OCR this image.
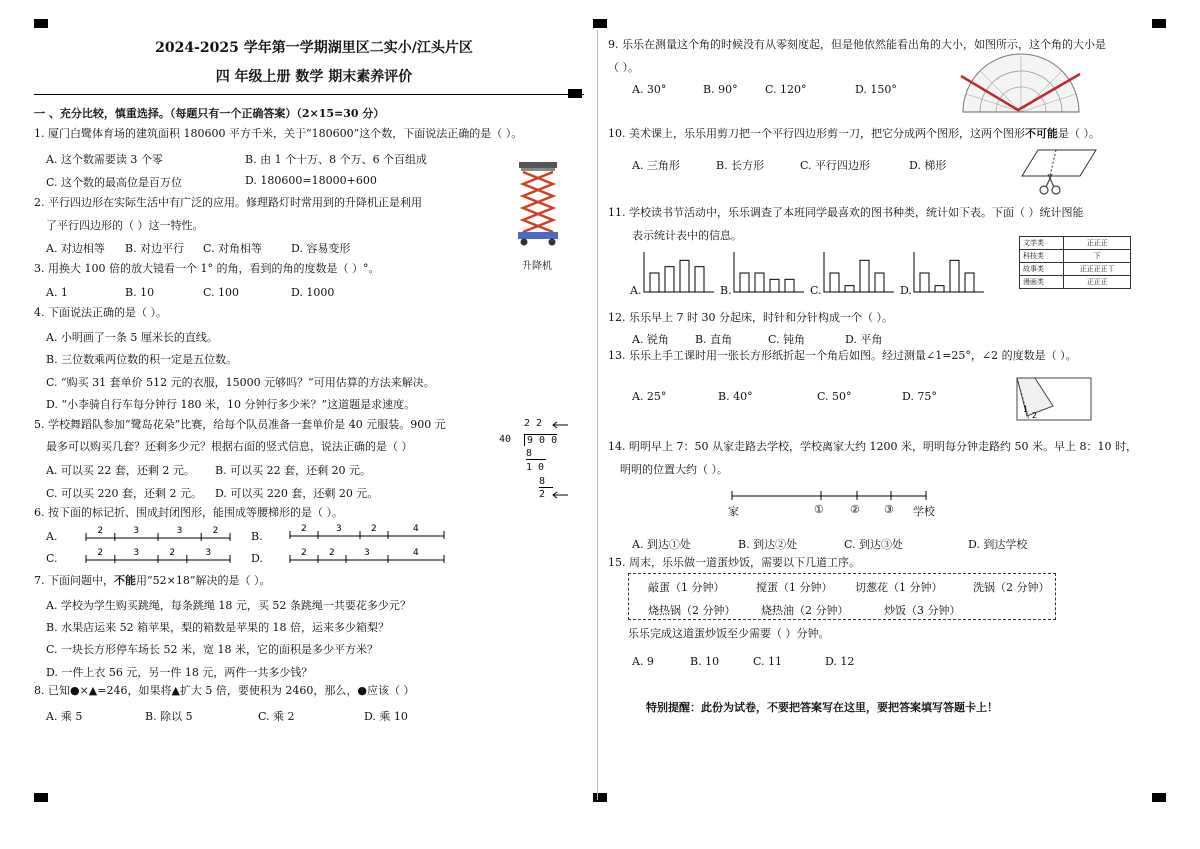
2024-2025 学年第一学期湖里区二实小/江头片区
四 年级上册 数学 期末素养评价
一 、充分比较，慎重选择。（每题只有一个正确答案）（2×15=30 分）
1. 厦门白鹭体育场的建筑面积 180600 平方千米，关于“180600”这个数，下面说法正确的是（ ）。
A. 这个数需要读 3 个零	B. 由 1 个十万、8 个万、6 个百组成
C. 这个数的最高位是百万位	D. 180600=18000+600
升降机
2. 平行四边形在实际生活中有广泛的应用。修理路灯时常用到的升降机正是利用
了平行四边形的（ ）这一特性。
A. 对边相等 B. 对边平行 C. 对角相等	D. 容易变形
3. 用换大 100 倍的放大镜看一个 1° 的角，看到的角的度数是（ ）°。
A. 1	B. 10	C. 100	D. 1000
4. 下面说法正确的是（ ）。
A. 小明画了一条 5 厘米长的直线。
B. 三位数乘两位数的积一定是五位数。
C. “购买 31 套单价 512 元的衣服，15000 元够吗？”可用估算的方法来解决。
D. “小李骑自行车每分钟行 180 米，10 分钟行多少米？”这道题是求速度。
5. 学校舞蹈队参加“鹭岛花朵”比赛，给每个队员准备一套单价是 40 元服装。900 元
最多可以购买几套？还剩多少元？根据右面的竖式信息，说法正确的是（ ）
A. 可以买 22 套，还剩 2 元。 B. 可以买 22 套，还剩 20 元。
C. 可以买 220 套，还剩 2 元。 D. 可以买 220 套，还剩 20 元。
2 2
40	9 0 0
8
1 0
8
2
6. 按下面的标记折、围成封闭图形，能围成等腰梯形的是（ ）。
A.	B.
C.	D.
2	3	3	2	2	3	2	4
2	3	2	3	2 2	3	4
7. 下面问题中，不能用“52×18”解决的是（ ）。
A. 学校为学生购买跳绳，每条跳绳 18 元，买 52 条跳绳一共要花多少元？
B. 水果店运来 52 箱苹果，梨的箱数是苹果的 18 倍，运来多少箱梨？
C. 一块长方形停车场长 52 米，宽 18 米，它的面积是多少平方米？
D. 一件上衣 56 元，另一件 18 元，两件一共多少钱？
8. 已知●×▲=246，如果将▲扩大 5 倍，要使积为 2460，那么，●应该（ ）
A. 乘 5	B. 除以 5	C. 乘 2	D. 乘 10
9. 乐乐在测量这个角的时候没有从零刻度起，但是他依然能看出角的大小，如图所示，这个角的大小是
（ ）。
A. 30°	B. 90° C. 120°	D. 150°
10. 美术课上，乐乐用剪刀把一个平行四边形剪一刀，把它分成两个图形，这两个图形不可能是（ ）。
A. 三角形	B. 长方形	C. 平行四边形	D. 梯形
11. 学校读书节活动中，乐乐调查了本班同学最喜欢的图书种类，统计如下表。下面（ ）统计图能
表示统计表中的信息。
A.	B.	C.	D.
文学类	正正正
科技类	下
故事类	正正正正丅
漫画类	正正正
12. 乐乐早上 7 时 30 分起床，时针和分针构成一个（ ）。
A. 锐角 B. 直角	C. 钝角	D. 平角
13. 乐乐上手工课时用一张长方形纸折起一个角后如图。经过测量∠1=25°，∠2 的度数是（ ）。
A. 25°	B. 40°	C. 50°	D. 75°
1
2
14. 明明早上 7：50 从家走路去学校，学校离家大约 1200 米，明明每分钟走路约 50 米。早上 8：10 时，
明明的位置大约（ ）。
家	① ② ③ 学校
A. 到达①处	B. 到达②处	C. 到达③处	D. 到达学校
15. 周末，乐乐做一道蛋炒饭，需要以下几道工序。
敲蛋（1 分钟）	搅蛋（1 分钟） 切葱花（1 分钟）	洗锅（2 分钟）
烧热锅（2 分钟） 烧热油（2 分钟）	炒饭（3 分钟）
乐乐完成这道蛋炒饭至少需要（ ）分钟。
A. 9	B. 10	C. 11	D. 12
特别提醒：此份为试卷，不要把答案写在这里，要把答案填写答题卡上！
